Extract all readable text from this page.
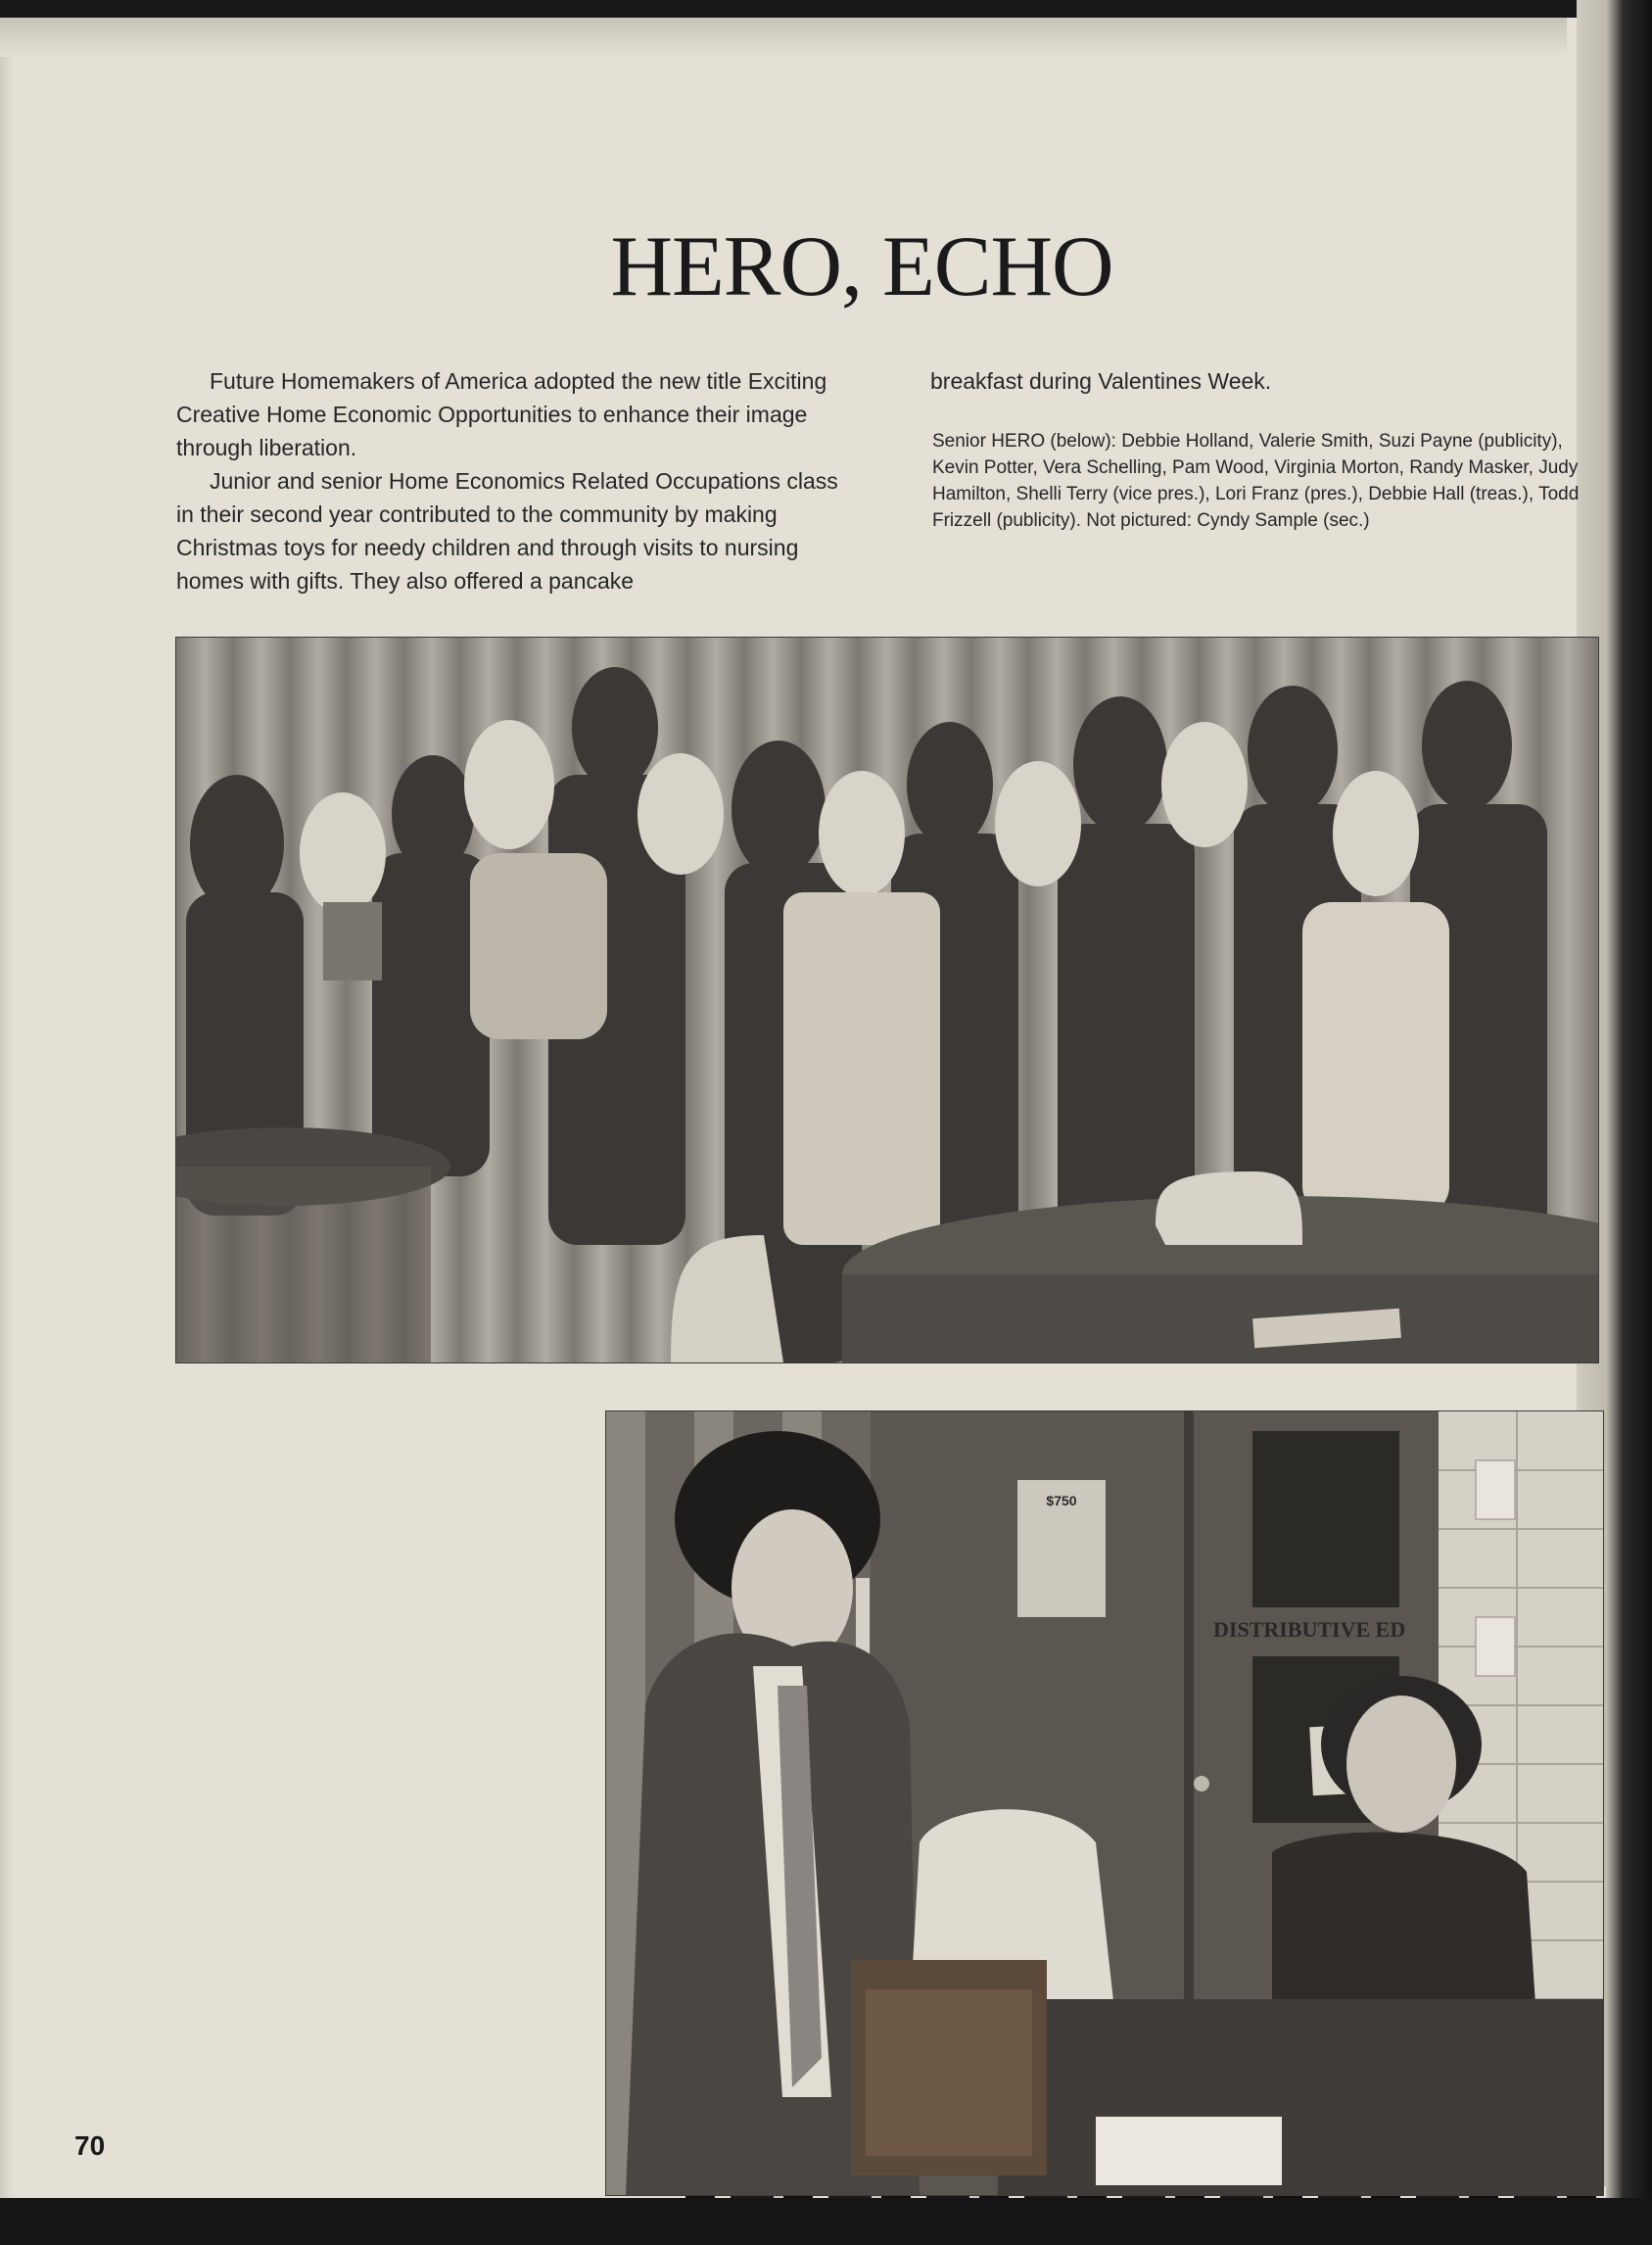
HERO, ECHO

Future Homemakers of America adopted the new title Exciting Creative Home Economic Opportunities to enhance their image through liberation.

Junior and senior Home Economics Related Occupations class in their second year contributed to the community by making Christmas toys for needy children and through visits to nursing homes with gifts. They also offered a pancake

breakfast during Valentines Week.

Senior HERO (below): Debbie Holland, Valerie Smith, Suzi Payne (publicity), Kevin Potter, Vera Schelling, Pam Wood, Virginia Morton, Randy Masker, Judy Hamilton, Shelli Terry (vice pres.), Lori Franz (pres.), Debbie Hall (treas.), Todd Frizzell (publicity). Not pictured: Cyndy Sample (sec.)

$750
DISTRIBUTIVE ED
70
